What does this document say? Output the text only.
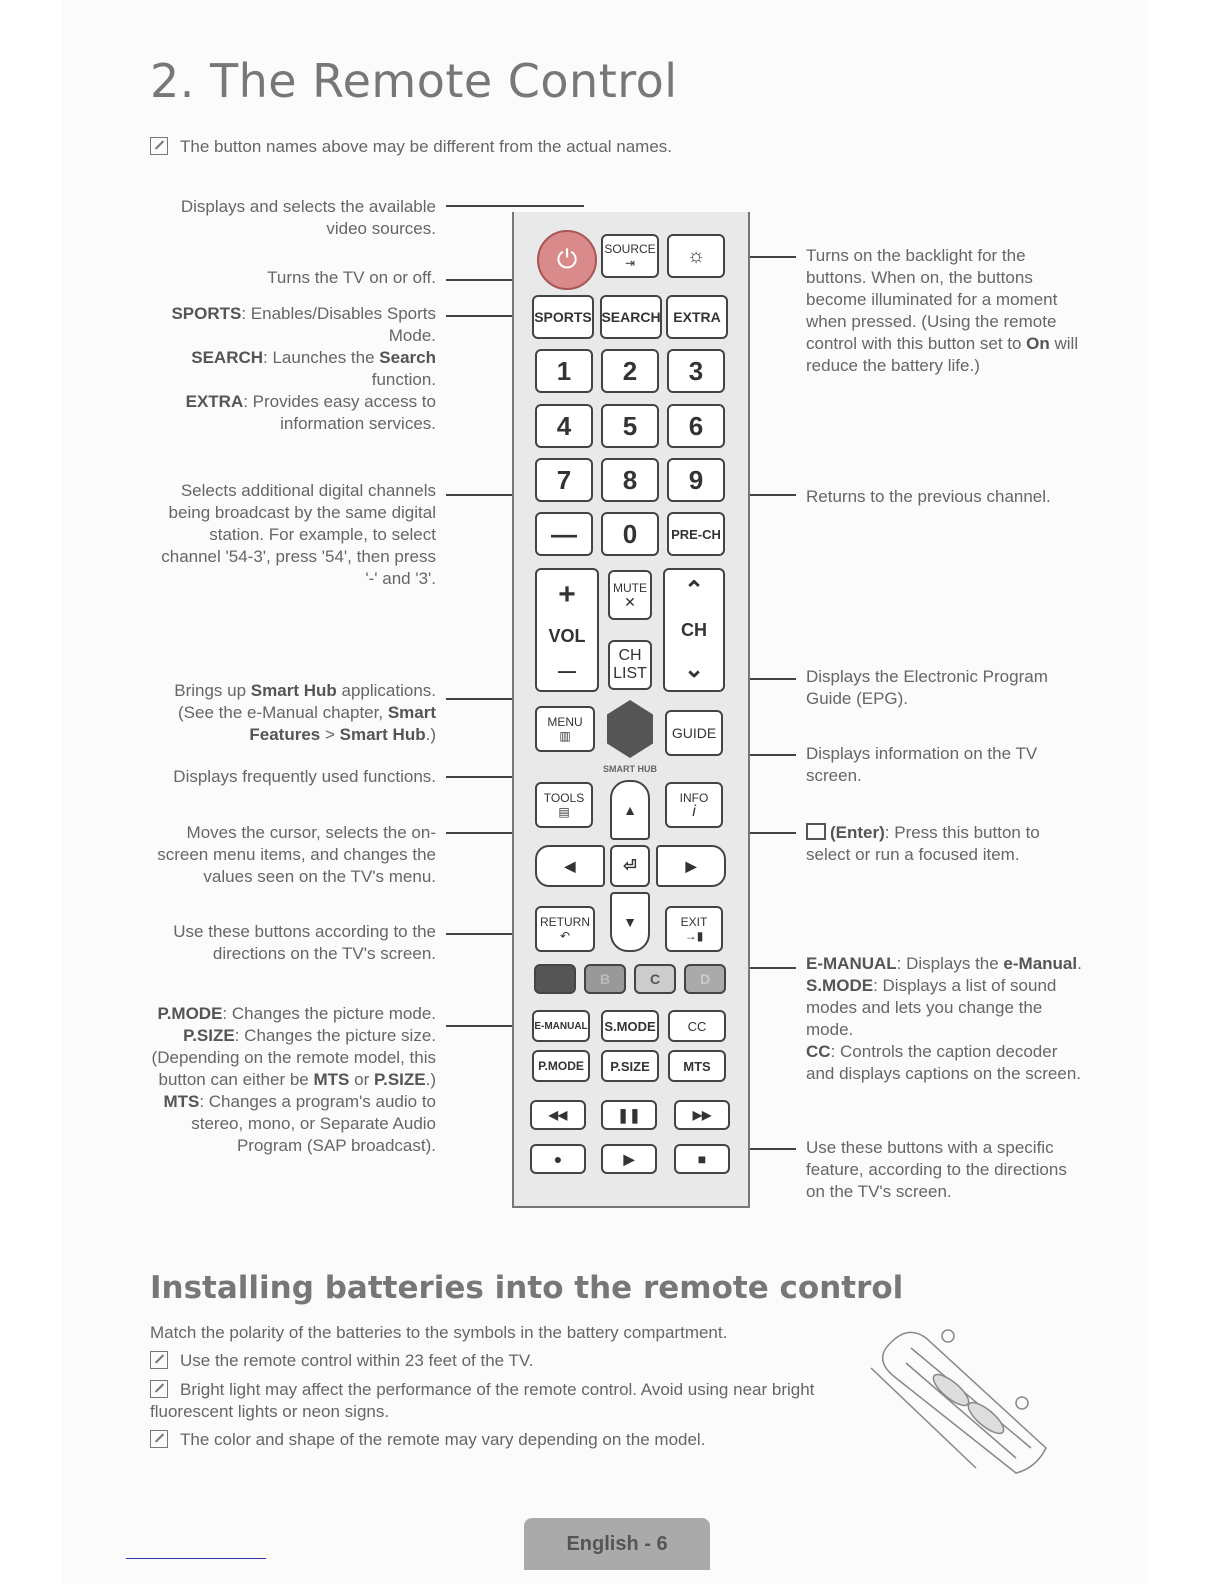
2. The Remote Control
The button names above may be different from the actual names.
Displays and selects the available video sources.
Turns the TV on or off.
SPORTS: Enables/Disables Sports Mode.
SEARCH: Launches the Search function.
EXTRA: Provides easy access to information services.
Selects additional digital channels being broadcast by the same digital station. For example, to select channel '54-3', press '54', then press '-' and '3'.
Brings up Smart Hub applications. (See the e-Manual chapter, Smart Features > Smart Hub.)
Displays frequently used functions.
Moves the cursor, selects the on-screen menu items, and changes the values seen on the TV's menu.
Use these buttons according to the directions on the TV's screen.
P.MODE: Changes the picture mode.
P.SIZE: Changes the picture size. (Depending on the remote model, this button can either be MTS or P.SIZE.)
MTS: Changes a program's audio to stereo, mono, or Separate Audio Program (SAP broadcast).
Turns on the backlight for the buttons. When on, the buttons become illuminated for a moment when pressed. (Using the remote control with this button set to On will reduce the battery life.)
Returns to the previous channel.
Displays the Electronic Program Guide (EPG).
Displays information on the TV screen.
(Enter): Press this button to select or run a focused item.
E-MANUAL: Displays the e-Manual.
S.MODE: Displays a list of sound modes and lets you change the mode.
CC: Controls the caption decoder and displays captions on the screen.
Use these buttons with a specific feature, according to the directions on the TV's screen.
⏻ SOURCE
⇥	☼
SPORTS SEARCH EXTRA
1	2	3
4	5	6
7	8	9
—	0	PRE-CH
+
VOL
—
MUTE
✕
CH
LIST
⌃
CH
⌄
MENU
▥
SMART HUB
GUIDE
TOOLS
▤
INFO
i
▲
◀	⏎	▶
▼
RETURN
↶
EXIT
→▮
B	C	D
E-MANUAL S.MODE	CC
P.MODE	P.SIZE	MTS
◀◀	❚❚	▶▶
●	▶	■
Installing batteries into the remote control
Match the polarity of the batteries to the symbols in the battery compartment.
Use the remote control within 23 feet of the TV.
Bright light may affect the performance of the remote control. Avoid using near bright fluorescent lights or neon signs.
The color and shape of the remote may vary depending on the model.
English - 6
